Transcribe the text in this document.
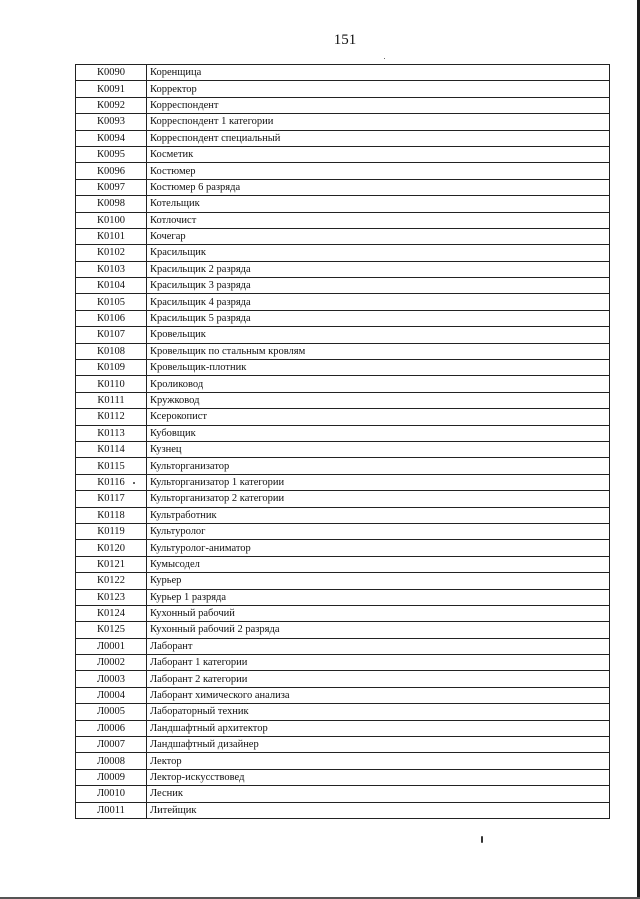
151
К0090	Коренщица
К0091	Корректор
К0092	Корреспондент
К0093	Корреспондент 1 категории
К0094	Корреспондент специальный
К0095	Косметик
К0096	Костюмер
К0097	Костюмер 6 разряда
К0098	Котельщик
К0100	Котлочист
К0101	Кочегар
К0102	Красильщик
К0103	Красильщик 2 разряда
К0104	Красильщик 3 разряда
К0105	Красильщик 4 разряда
К0106	Красильщик 5 разряда
К0107	Кровельщик
К0108	Кровельщик по стальным кровлям
К0109	Кровельщик-плотник
К0110	Кроликовод
К0111	Кружковод
К0112	Ксерокопист
К0113	Кубовщик
К0114	Кузнец
К0115	Культорганизатор
К0116	Культорганизатор 1 категории
К0117	Культорганизатор 2 категории
К0118	Культработник
К0119	Культуролог
К0120	Культуролог-аниматор
К0121	Кумысодел
К0122	Курьер
К0123	Курьер 1 разряда
К0124	Кухонный рабочий
К0125	Кухонный рабочий 2 разряда
Л0001	Лаборант
Л0002	Лаборант 1 категории
Л0003	Лаборант 2 категории
Л0004	Лаборант химического анализа
Л0005	Лабораторный техник
Л0006	Ландшафтный архитектор
Л0007	Ландшафтный дизайнер
Л0008	Лектор
Л0009	Лектор-искусствовед
Л0010	Лесник
Л0011	Литейщик
